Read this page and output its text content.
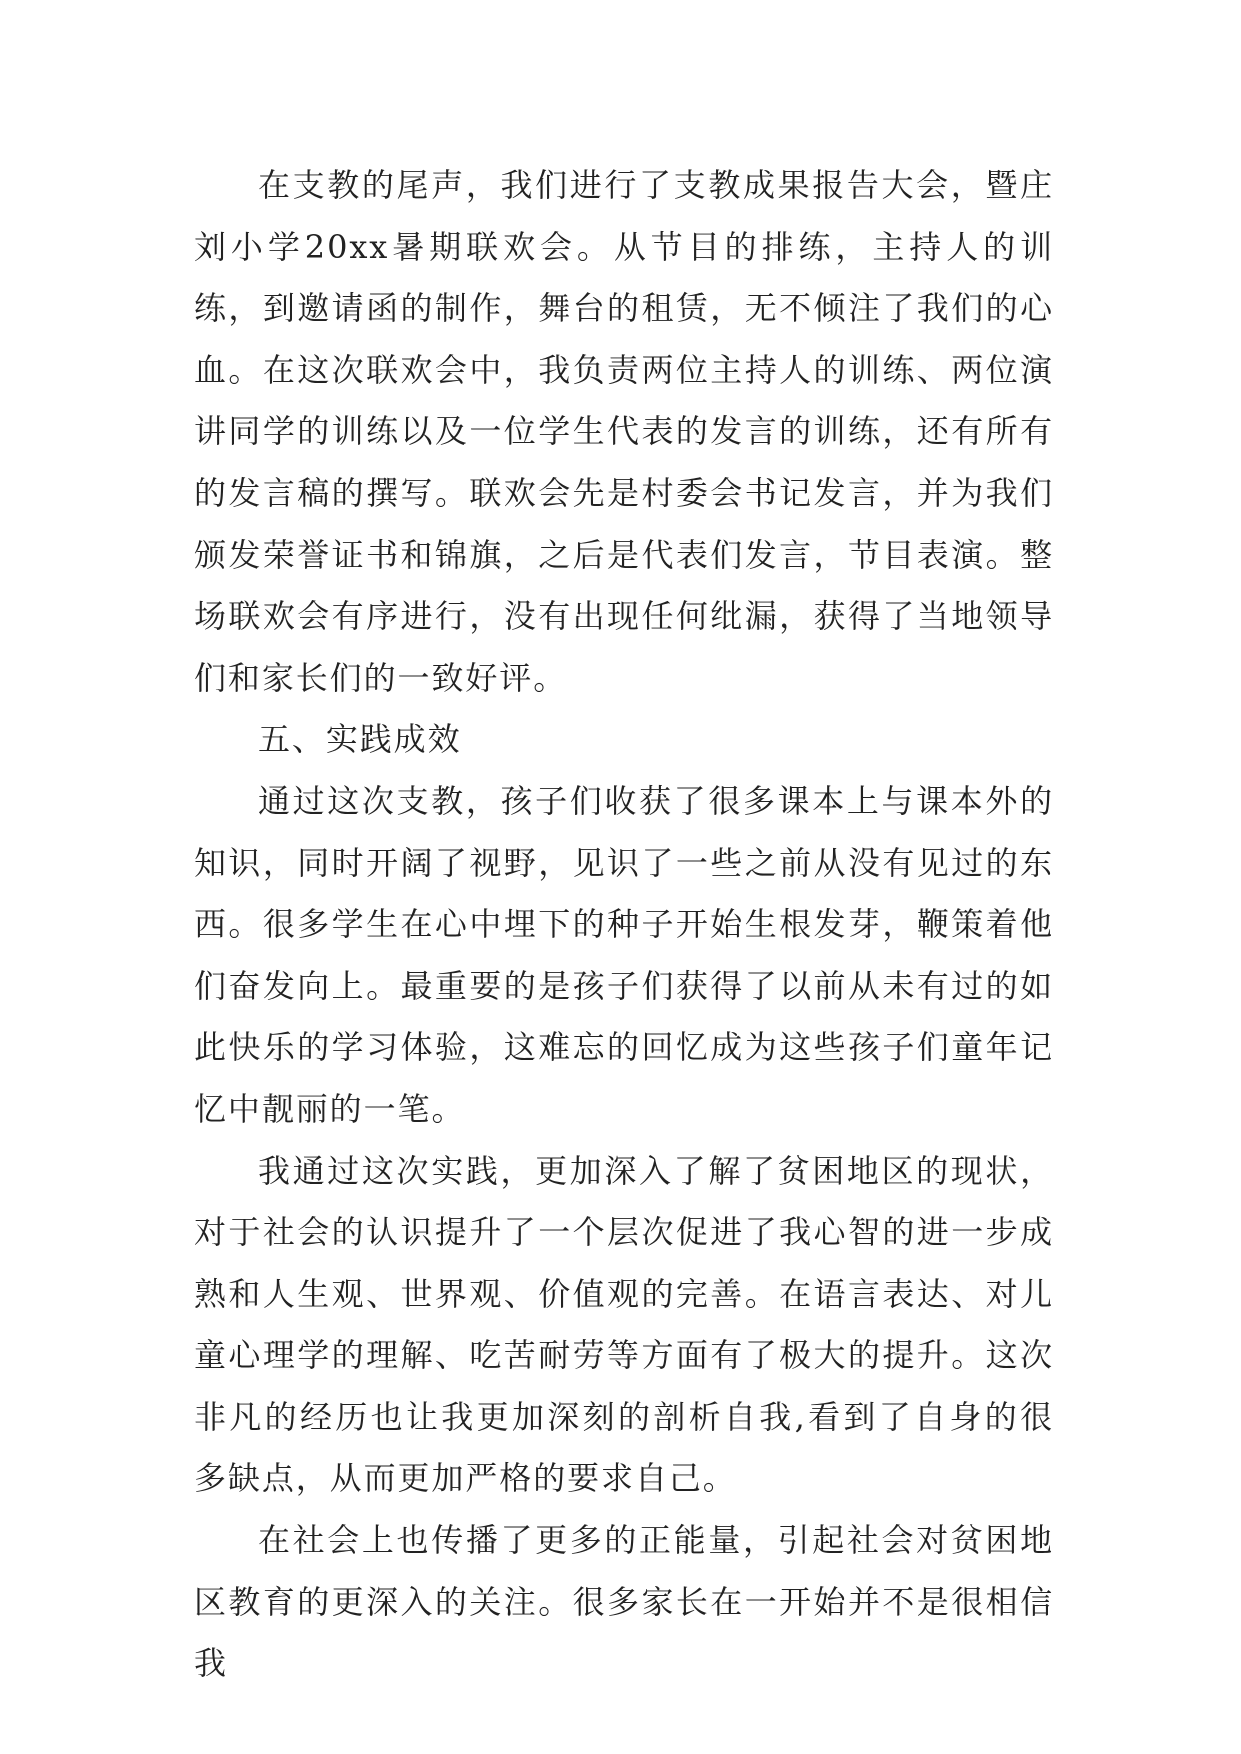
在支教的尾声，我们进行了支教成果报告大会，暨庄刘小学20xx暑期联欢会。从节目的排练，主持人的训练，到邀请函的制作，舞台的租赁，无不倾注了我们的心血。在这次联欢会中，我负责两位主持人的训练、两位演讲同学的训练以及一位学生代表的发言的训练，还有所有的发言稿的撰写。联欢会先是村委会书记发言，并为我们颁发荣誉证书和锦旗，之后是代表们发言，节目表演。整场联欢会有序进行，没有出现任何纰漏，获得了当地领导们和家长们的一致好评。

五、实践成效

通过这次支教，孩子们收获了很多课本上与课本外的知识，同时开阔了视野，见识了一些之前从没有见过的东西。很多学生在心中埋下的种子开始生根发芽，鞭策着他们奋发向上。最重要的是孩子们获得了以前从未有过的如此快乐的学习体验，这难忘的回忆成为这些孩子们童年记忆中靓丽的一笔。

我通过这次实践，更加深入了解了贫困地区的现状，对于社会的认识提升了一个层次促进了我心智的进一步成熟和人生观、世界观、价值观的完善。在语言表达、对儿童心理学的理解、吃苦耐劳等方面有了极大的提升。这次非凡的经历也让我更加深刻的剖析自我,看到了自身的很多缺点，从而更加严格的要求自己。

在社会上也传播了更多的正能量，引起社会对贫困地区教育的更深入的关注。很多家长在一开始并不是很相信我
